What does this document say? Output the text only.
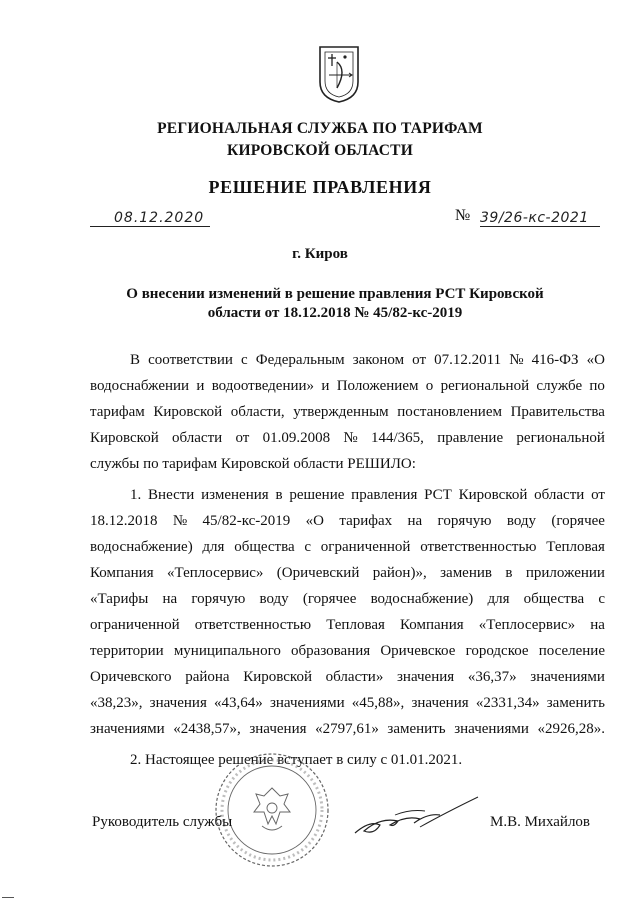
РЕГИОНАЛЬНАЯ СЛУЖБА ПО ТАРИФАМ
КИРОВСКОЙ ОБЛАСТИ
РЕШЕНИЕ ПРАВЛЕНИЯ
08.12.2020	№ 39/26-кс-2021
г. Киров
О внесении изменений в решение правления РСТ Кировской
области от 18.12.2018 № 45/82-кс-2019
В соответствии с Федеральным законом от 07.12.2011 № 416-ФЗ «О
водоснабжении и водоотведении» и Положением о региональной службе по
тарифам Кировской области, утвержденным постановлением Правительства
Кировской области от 01.09.2008 № 144/365, правление региональной
службы по тарифам Кировской области РЕШИЛО:
1. Внести изменения в решение правления РСТ Кировской области от
18.12.2018 № 45/82-кс-2019 «О тарифах на горячую воду (горячее
водоснабжение) для общества с ограниченной ответственностью Тепловая
Компания «Теплосервис» (Оричевский район)», заменив в приложении
«Тарифы на горячую воду (горячее водоснабжение) для общества с
ограниченной ответственностью Тепловая Компания «Теплосервис» на
территории муниципального образования Оричевское городское поселение
Оричевского района Кировской области» значения «36,37» значениями
«38,23», значения «43,64» значениями «45,88», значения «2331,34» заменить
значениями «2438,57», значения «2797,61» заменить значениями «2926,28».
2. Настоящее решение вступает в силу с 01.01.2021.
Руководитель службы	М.В. Михайлов
